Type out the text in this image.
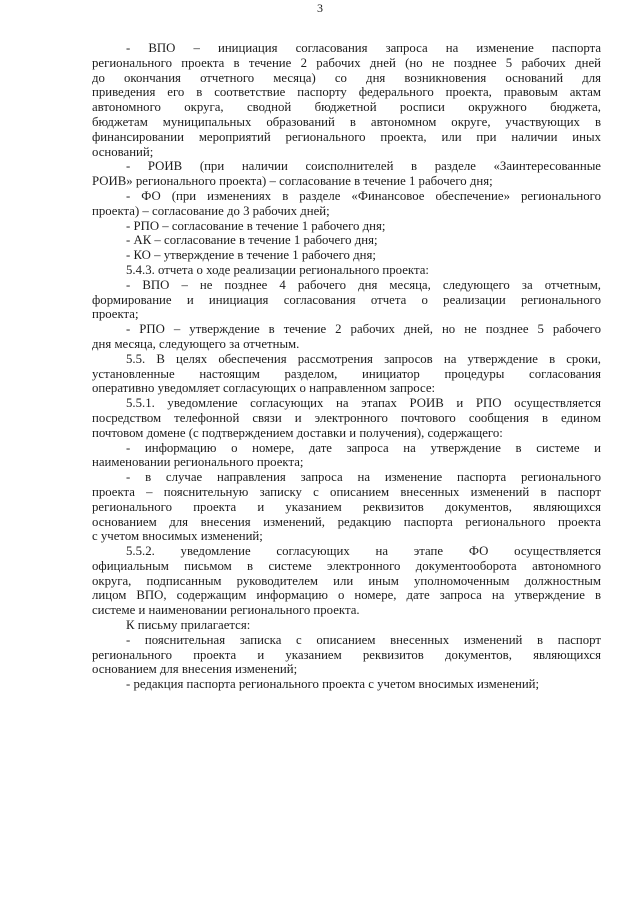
3
- ВПО – инициация согласования запроса на изменение паспорта
регионального проекта в течение 2 рабочих дней (но не позднее 5 рабочих дней
до окончания отчетного месяца) со дня возникновения оснований для
приведения его в соответствие паспорту федерального проекта, правовым актам
автономного округа, сводной бюджетной росписи окружного бюджета,
бюджетам муниципальных образований в автономном округе, участвующих в
финансировании мероприятий регионального проекта, или при наличии иных
оснований;
- РОИВ (при наличии соисполнителей в разделе «Заинтересованные
РОИВ» регионального проекта) – согласование в течение 1 рабочего дня;
- ФО (при изменениях в разделе «Финансовое обеспечение» регионального
проекта) – согласование до 3 рабочих дней;
- РПО – согласование в течение 1 рабочего дня;
- АК – согласование в течение 1 рабочего дня;
- КО – утверждение в течение 1 рабочего дня;
5.4.3. отчета о ходе реализации регионального проекта:
- ВПО – не позднее 4 рабочего дня месяца, следующего за отчетным,
формирование и инициация согласования отчета о реализации регионального
проекта;
- РПО – утверждение в течение 2 рабочих дней, но не позднее 5 рабочего
дня месяца, следующего за отчетным.
5.5. В целях обеспечения рассмотрения запросов на утверждение в сроки,
установленные настоящим разделом, инициатор процедуры согласования
оперативно уведомляет согласующих о направленном запросе:
5.5.1. уведомление согласующих на этапах РОИВ и РПО осуществляется
посредством телефонной связи и электронного почтового сообщения в едином
почтовом домене (с подтверждением доставки и получения), содержащего:
- информацию о номере, дате запроса на утверждение в системе и
наименовании регионального проекта;
- в случае направления запроса на изменение паспорта регионального
проекта – пояснительную записку с описанием внесенных изменений в паспорт
регионального проекта и указанием реквизитов документов, являющихся
основанием для внесения изменений, редакцию паспорта регионального проекта
с учетом вносимых изменений;
5.5.2. уведомление согласующих на этапе ФО осуществляется
официальным письмом в системе электронного документооборота автономного
округа, подписанным руководителем или иным уполномоченным должностным
лицом ВПО, содержащим информацию о номере, дате запроса на утверждение в
системе и наименовании регионального проекта.
К письму прилагается:
- пояснительная записка с описанием внесенных изменений в паспорт
регионального проекта и указанием реквизитов документов, являющихся
основанием для внесения изменений;
- редакция паспорта регионального проекта с учетом вносимых изменений;
